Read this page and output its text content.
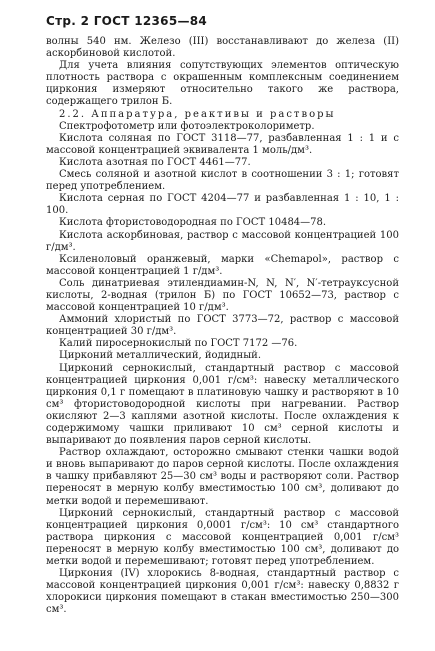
Стр. 2 ГОСТ 12365—84

волны 540 нм. Железо (III) восстанавливают до железа (II) аскорбиновой кислотой.

Для учета влияния сопутствующих элементов оптическую плотность раствора с окрашенным комплексным соединением циркония измеряют относительно такого же раствора, содержащего трилон Б.

2.2. Аппаратура, реактивы и растворы

Спектрофотометр или фотоэлектроколориметр.

Кислота соляная по ГОСТ 3118—77, разбавленная 1 : 1 и с массовой концентрацией эквивалента 1 моль/дм³.

Кислота азотная по ГОСТ 4461—77.

Смесь соляной и азотной кислот в соотношении 3 : 1; готовят перед употреблением.

Кислота серная по ГОСТ 4204—77 и разбавленная 1 : 10, 1 : 100.

Кислота фтористоводородная по ГОСТ 10484—78.

Кислота аскорбиновая, раствор с массовой концентрацией 100 г/дм³.

Ксиленоловый оранжевый, марки «Chemapol», раствор с массовой концентрацией 1 г/дм³.

Соль динатриевая этилендиамин-N, N, N′, N′-тетрауксусной кислоты, 2-водная (трилон Б) по ГОСТ 10652—73, раствор с массовой концентрацией 10 г/дм³.

Аммоний хлористый по ГОСТ 3773—72, раствор с массовой концентрацией 30 г/дм³.

Калий пиросернокислый по ГОСТ 7172 —76.

Цирконий металлический, йодидный.

Цирконий сернокислый, стандартный раствор с массовой концентрацией циркония 0,001 г/см³: навеску металлического циркония 0,1 г помещают в платиновую чашку и растворяют в 10 см³ фтористоводородной кислоты при нагревании. Раствор окисляют 2—3 каплями азотной кислоты. После охлаждения к содержимому чашки приливают 10 см³ серной кислоты и выпаривают до появления паров серной кислоты.

Раствор охлаждают, осторожно смывают стенки чашки водой и вновь выпаривают до паров серной кислоты. После охлаждения в чашку прибавляют 25—30 см³ воды и растворяют соли. Раствор переносят в мерную колбу вместимостью 100 см³, доливают до метки водой и перемешивают.

Цирконий сернокислый, стандартный раствор с массовой концентрацией циркония 0,0001 г/см³: 10 см³ стандартного раствора циркония с массовой концентрацией 0,001 г/см³ переносят в мерную колбу вместимостью 100 см³, доливают до метки водой и перемешивают; готовят перед употреблением.

Циркония (IV) хлорокись 8-водная, стандартный раствор с массовой концентрацией циркония 0,001 г/см³: навеску 0,8832 г хлорокиси циркония помещают в стакан вместимостью 250—300 см³.
